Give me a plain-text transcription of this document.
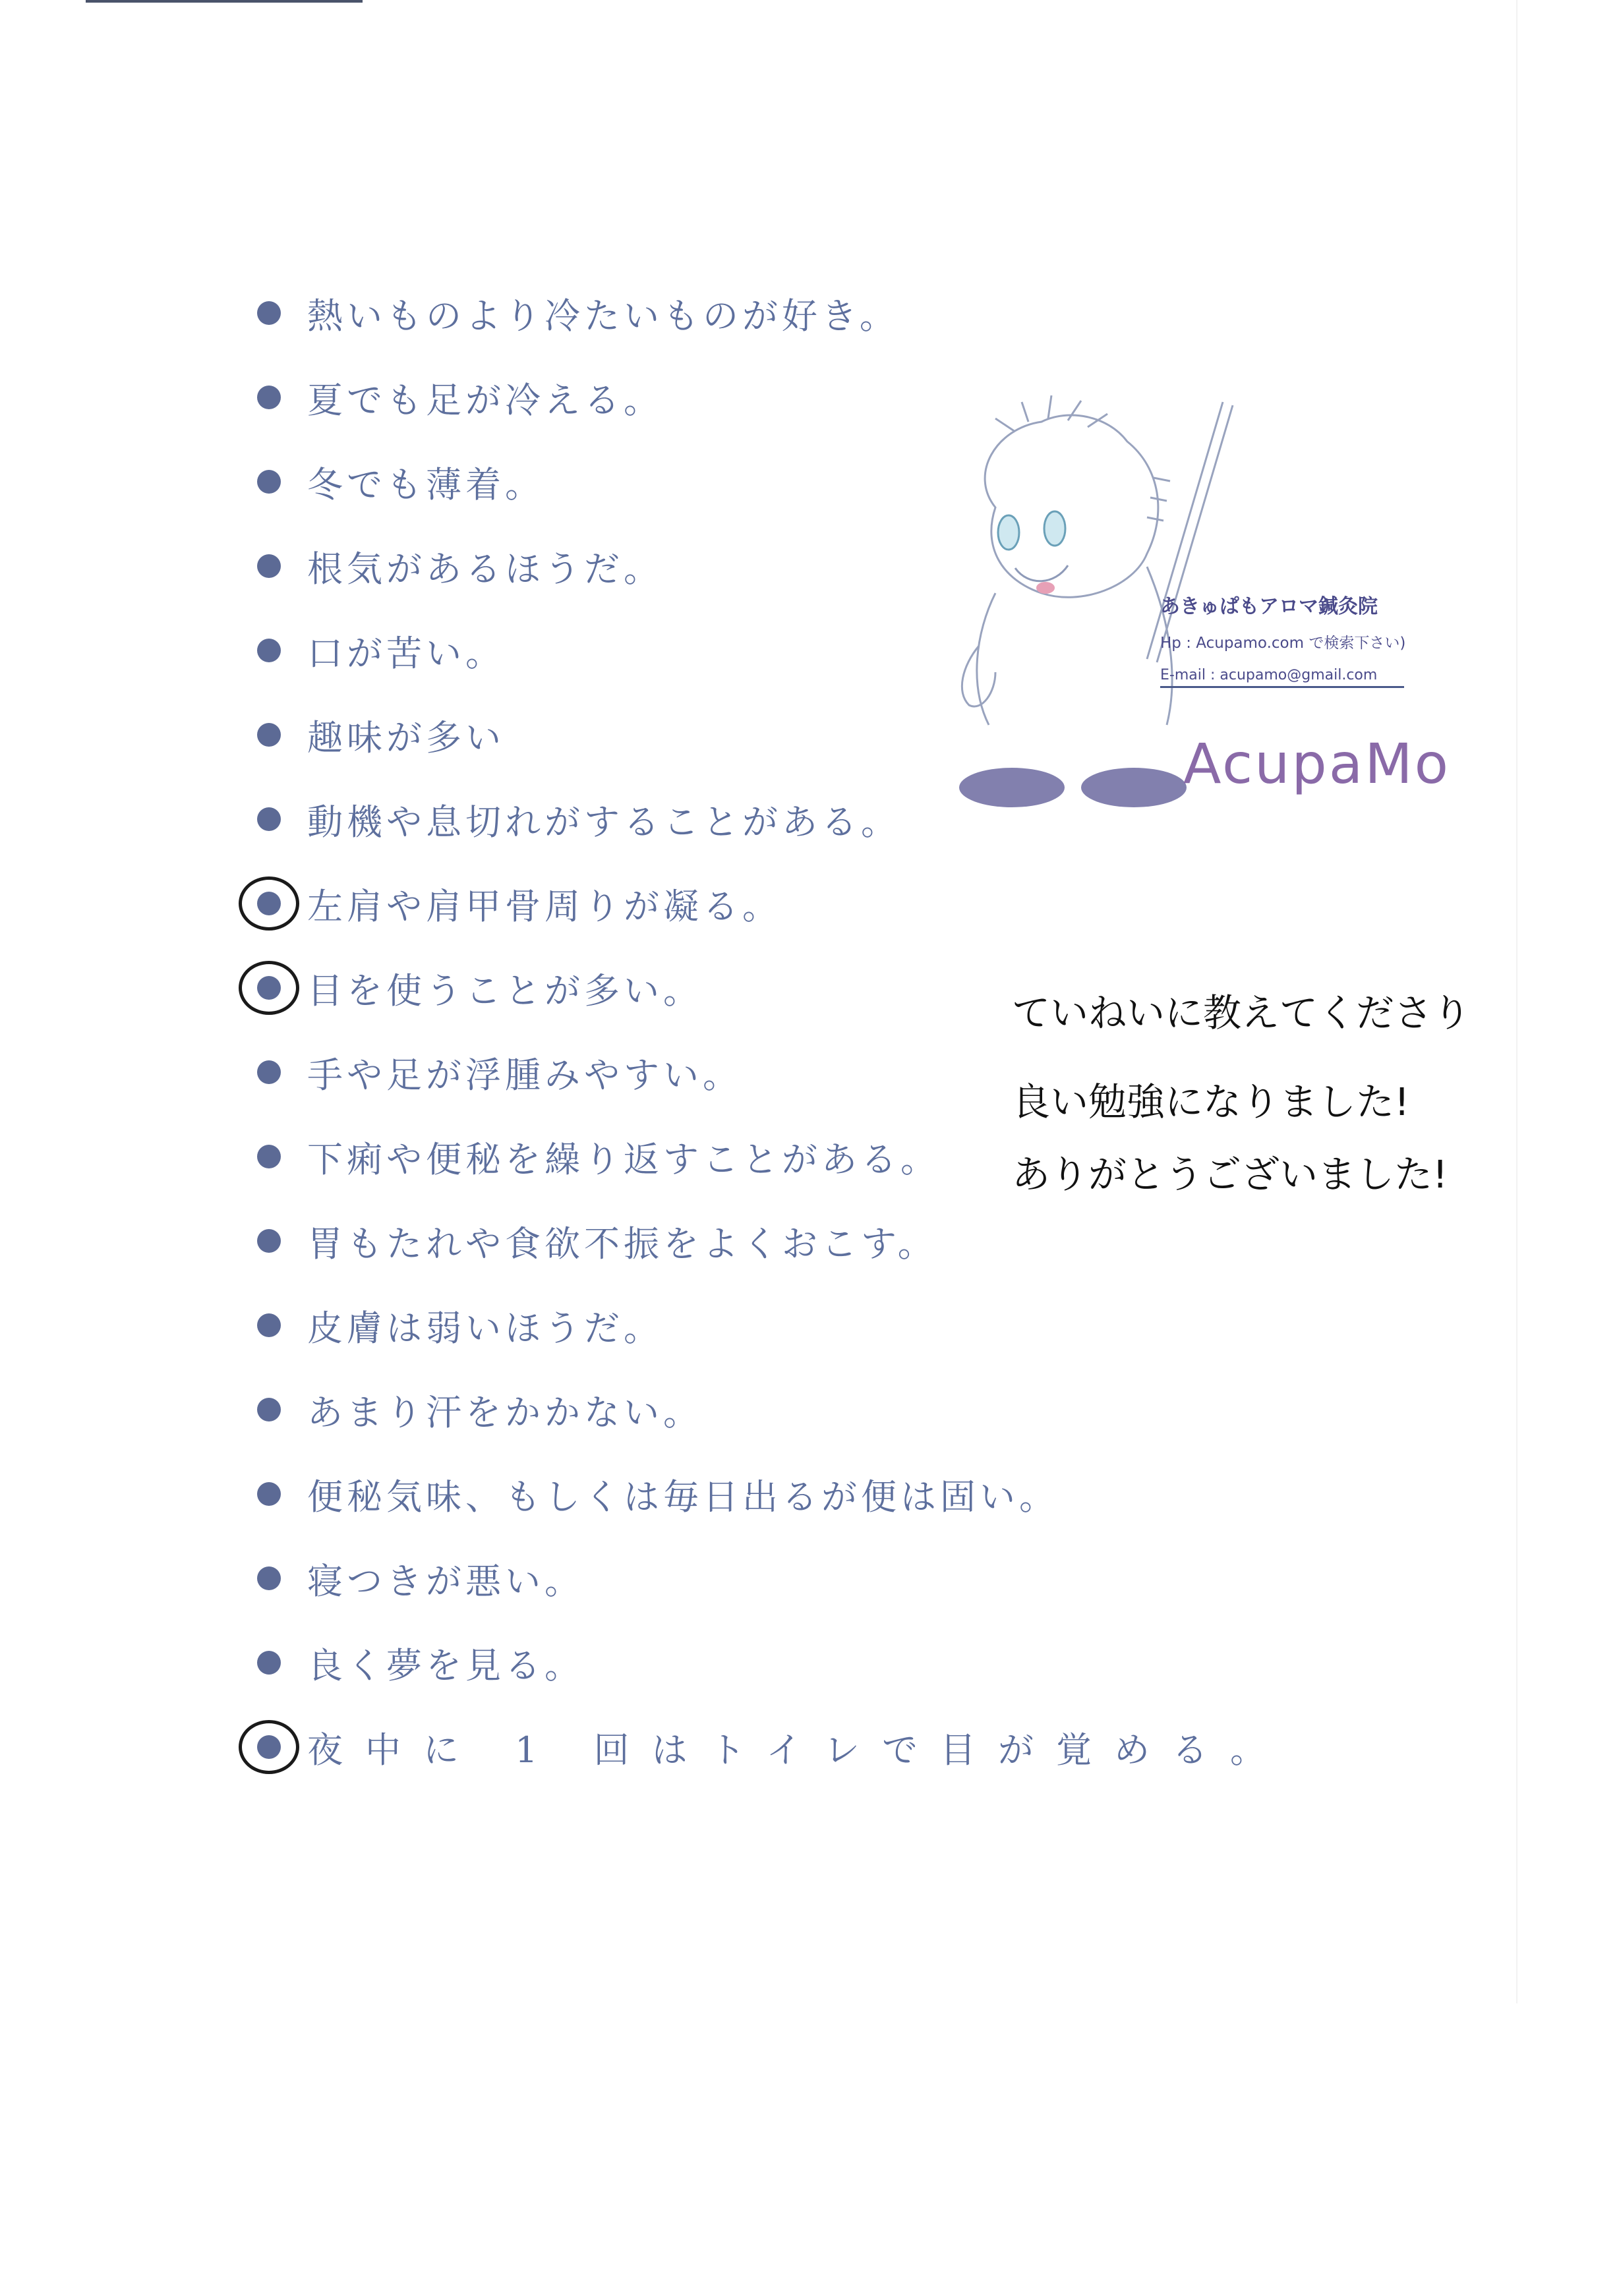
熱いものより冷たいものが好き。
夏でも足が冷える。
冬でも薄着。
根気があるほうだ。
口が苦い。
趣味が多い
動機や息切れがすることがある。
左肩や肩甲骨周りが凝る。
目を使うことが多い。
手や足が浮腫みやすい。
下痢や便秘を繰り返すことがある。
胃もたれや食欲不振をよくおこす。
皮膚は弱いほうだ。
あまり汗をかかない。
便秘気味、もしくは毎日出るが便は固い。
寝つきが悪い。
良く夢を見る。
夜中に 1 回はトイレで目が覚める。
あきゅぱもアロマ鍼灸院
Hp : Acupamo.com で検索下さい)
E-mail : acupamo@gmail.com
AcupaMo
ていねいに教えてくださり
良い勉強になりました!
ありがとうございました!
